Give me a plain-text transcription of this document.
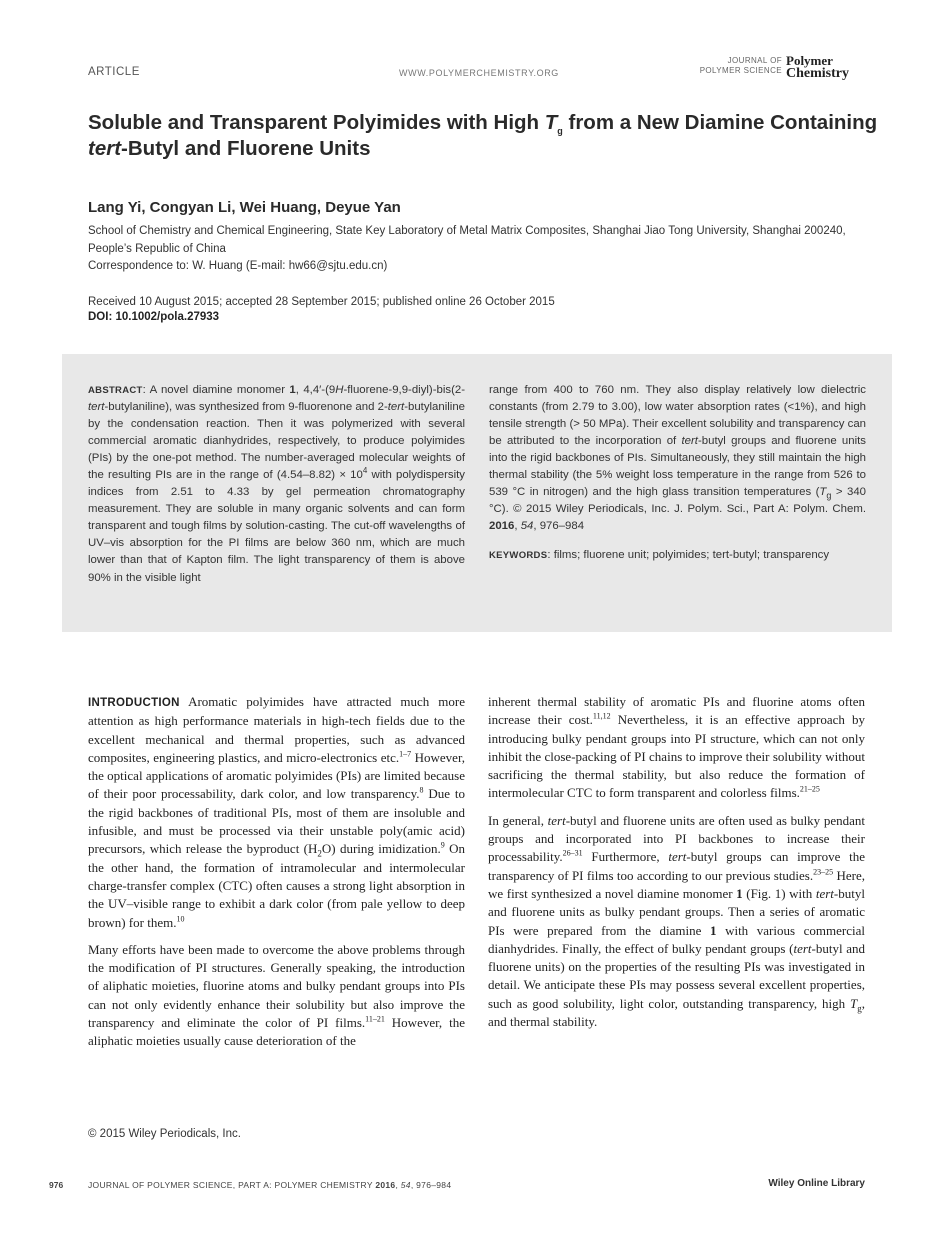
ARTICLE	WWW.POLYMERCHEMISTRY.ORG
JOURNAL OF
POLYMER SCIENCE
Polymer
Chemistry
Soluble and Transparent Polyimides with High $T_g$ from a New Diamine Containing tert-Butyl and Fluorene Units
Lang Yi, Congyan Li, Wei Huang, Deyue Yan
School of Chemistry and Chemical Engineering, State Key Laboratory of Metal Matrix Composites, Shanghai Jiao Tong University, Shanghai 200240, People’s Republic of China
Correspondence to: W. Huang (E-mail: hw66@sjtu.edu.cn)
Received 10 August 2015; accepted 28 September 2015; published online 26 October 2015
DOI: 10.1002/pola.27933
ABSTRACT: A novel diamine monomer 1, 4,4′-(9H-fluorene-9,9-diyl)-bis(2-tert-butylaniline), was synthesized from 9-fluorenone and 2-tert-butylaniline by the condensation reaction. Then it was polymerized with several commercial aromatic dianhydrides, respectively, to produce polyimides (PIs) by the one-pot method. The number-averaged molecular weights of the resulting PIs are in the range of $(4.54-8.82) \times 10^4$ with polydispersity indices from 2.51 to 4.33 by gel permeation chromatography measurement. They are soluble in many organic solvents and can form transparent and tough films by solution-casting. The cut-off wavelengths of UV–vis absorption for the PI films are below 360 nm, which are much lower than that of Kapton film. The light transparency of them is above 90% in the visible light
range from 400 to 760 nm. They also display relatively low dielectric constants (from 2.79 to 3.00), low water absorption rates (<1%), and high tensile strength (> 50 MPa). Their excellent solubility and transparency can be attributed to the incorporation of tert-butyl groups and fluorene units into the rigid backbones of PIs. Simultaneously, they still maintain the high thermal stability (the 5% weight loss temperature in the range from 526 to 539 °C in nitrogen) and the high glass transition temperatures ($T_g > 340$ °C). © 2015 Wiley Periodicals, Inc. J. Polym. Sci., Part A: Polym. Chem. 2016, 54, 976–984
KEYWORDS: films; fluorene unit; polyimides; tert-butyl; transparency

INTRODUCTION Aromatic polyimides have attracted much more attention as high performance materials in high-tech fields due to the excellent mechanical and thermal properties, such as advanced composites, engineering plastics, and micro-electronics etc.$^{1-7}$ However, the optical applications of aromatic polyimides (PIs) are limited because of their poor processability, dark color, and low transparency.$^8$ Due to the rigid backbones of traditional PIs, most of them are insoluble and infusible, and must be processed via their unstable poly(amic acid) precursors, which release the byproduct $(H_2O)$ during imidization.$^9$ On the other hand, the formation of intramolecular and intermolecular charge-transfer complex (CTC) often causes a strong light absorption in the UV–visible range to exhibit a dark color (from pale yellow to deep brown) for them.$^{10}$

Many efforts have been made to overcome the above problems through the modification of PI structures. Generally speaking, the introduction of aliphatic moieties, fluorine atoms and bulky pendant groups into PIs can not only evidently enhance their solubility but also improve the transparency and eliminate the color of PI films.$^{11-21}$ However, the aliphatic moieties usually cause deterioration of the

inherent thermal stability of aromatic PIs and fluorine atoms often increase their cost.$^{11,12}$ Nevertheless, it is an effective approach by introducing bulky pendant groups into PI structure, which can not only inhibit the close-packing of PI chains to improve their solubility without sacrificing the thermal stability, but also reduce the formation of intermolecular CTC to form transparent and colorless films.$^{21-25}$

In general, tert-butyl and fluorene units are often used as bulky pendant groups and incorporated into PI backbones to increase their processability.$^{26-31}$ Furthermore, tert-butyl groups can improve the transparency of PI films too according to our previous studies.$^{23-25}$ Here, we first synthesized a novel diamine monomer 1 (Fig. 1) with tert-butyl and fluorene units as bulky pendant groups. Then a series of aromatic PIs were prepared from the diamine 1 with various commercial dianhydrides. Finally, the effect of bulky pendant groups (tert-butyl and fluorene units) on the properties of the resulting PIs was investigated in detail. We anticipate these PIs may possess several excellent properties, such as good solubility, light color, outstanding transparency, high $T_g$, and thermal stability.

© 2015 Wiley Periodicals, Inc.
976	JOURNAL OF POLYMER SCIENCE, PART A: POLYMER CHEMISTRY 2016, 54, 976–984	Wiley Online Library
